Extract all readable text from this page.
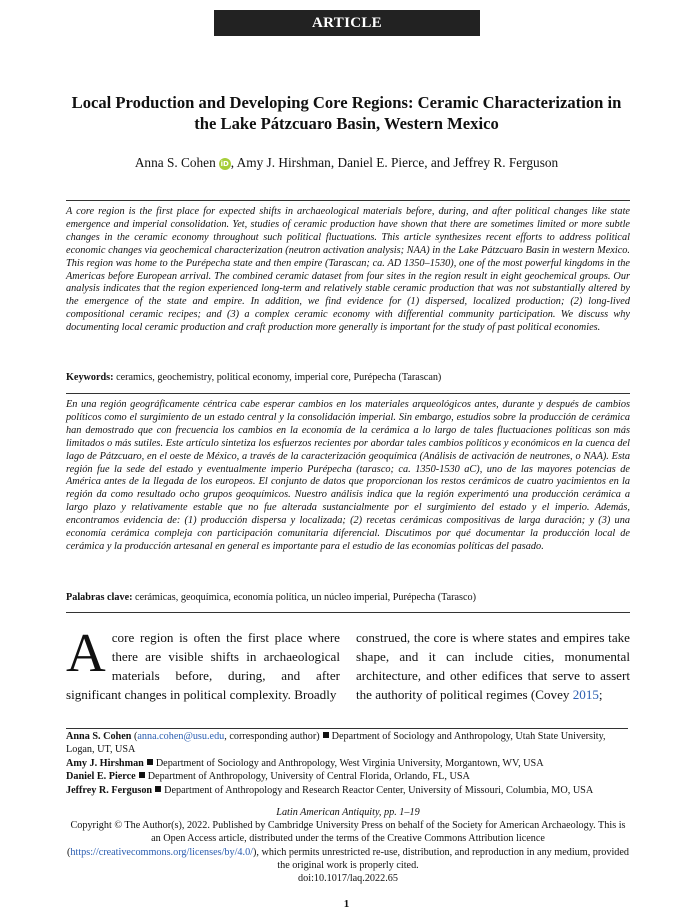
ARTICLE
Local Production and Developing Core Regions: Ceramic Characterization in
the Lake Pátzcuaro Basin, Western Mexico
Anna S. Cohen iD , Amy J. Hirshman, Daniel E. Pierce, and Jeffrey R. Ferguson

A core region is the first place for expected shifts in archaeological materials before, during, and after political changes like state emergence and imperial consolidation. Yet, studies of ceramic production have shown that there are sometimes limited or more subtle changes in the ceramic economy throughout such political fluctuations. This article synthesizes recent efforts to address political economic changes via geochemical characterization (neutron activation analysis; NAA) in the Lake Pátzcuaro Basin in western Mexico. This region was home to the Purépecha state and then empire (Tarascan; ca. AD 1350–1530), one of the most powerful kingdoms in the Americas before European arrival. The combined ceramic dataset from four sites in the region result in eight geochemical groups. Our analysis indicates that the region experienced long-term and relatively stable ceramic production that was not substantially altered by the emergence of the state and empire. In addition, we find evidence for (1) dispersed, localized production; (2) long-lived compositional ceramic recipes; and (3) a complex ceramic economy with differential community participation. We discuss why documenting local ceramic production and craft production more generally is important for the study of past political economies.

Keywords: ceramics, geochemistry, political economy, imperial core, Purépecha (Tarascan)

En una región geográficamente céntrica cabe esperar cambios en los materiales arqueológicos antes, durante y después de cambios políticos como el surgimiento de un estado central y la consolidación imperial. Sin embargo, estudios sobre la producción de cerámica han demostrado que con frecuencia los cambios en la economía de la cerámica a lo largo de tales fluctuaciones políticas son más limitados o más sutiles. Este artículo sintetiza los esfuerzos recientes por abordar tales cambios políticos y económicos en la cuenca del lago de Pátzcuaro, en el oeste de México, a través de la caracterización geoquímica (Análisis de activación de neutrones, o NAA). Esta región fue la sede del estado y eventualmente imperio Purépecha (tarasco; ca. 1350-1530 aC), uno de las mayores potencias de América antes de la llegada de los europeos. El conjunto de datos que proporcionan los restos cerámicos de cuatro yacimientos en la región da como resultado ocho grupos geoquímicos. Nuestro análisis indica que la región experimentó una producción cerámica a largo plazo y relativamente estable que no fue alterada sustancialmente por el surgimiento del estado y el imperio. Además, encontramos evidencia de: (1) producción dispersa y localizada; (2) recetas cerámicas compositivas de larga duración; y (3) una economía cerámica compleja con participación comunitaria diferencial. Discutimos por qué documentar la producción local de cerámica y la producción artesanal en general es importante para el estudio de las economías políticas del pasado.

Palabras clave: cerámicas, geoquímica, economía política, un núcleo imperial, Purépecha (Tarasco)

Acore region is often the first place where there are visible shifts in archaeological materials before, during, and after significant changes in political complexity. Broadly
construed, the core is where states and empires take shape, and it can include cities, monumental architecture, and other edifices that serve to assert the authority of political regimes (Covey 2015;

Anna S. Cohen (anna.cohen@usu.edu, corresponding author) Department of Sociology and Anthropology, Utah State University, Logan, UT, USA

Amy J. Hirshman Department of Sociology and Anthropology, West Virginia University, Morgantown, WV, USA

Daniel E. Pierce Department of Anthropology, University of Central Florida, Orlando, FL, USA

Jeffrey R. Ferguson Department of Anthropology and Research Reactor Center, University of Missouri, Columbia, MO, USA

Latin American Antiquity, pp. 1–19

Copyright © The Author(s), 2022. Published by Cambridge University Press on behalf of the Society for American Archaeology. This is an Open Access article, distributed under the terms of the Creative Commons Attribution licence (https://creativecommons.org/licenses/by/4.0/), which permits unrestricted re-use, distribution, and reproduction in any medium, provided the original work is properly cited.

doi:10.1017/laq.2022.65

1
